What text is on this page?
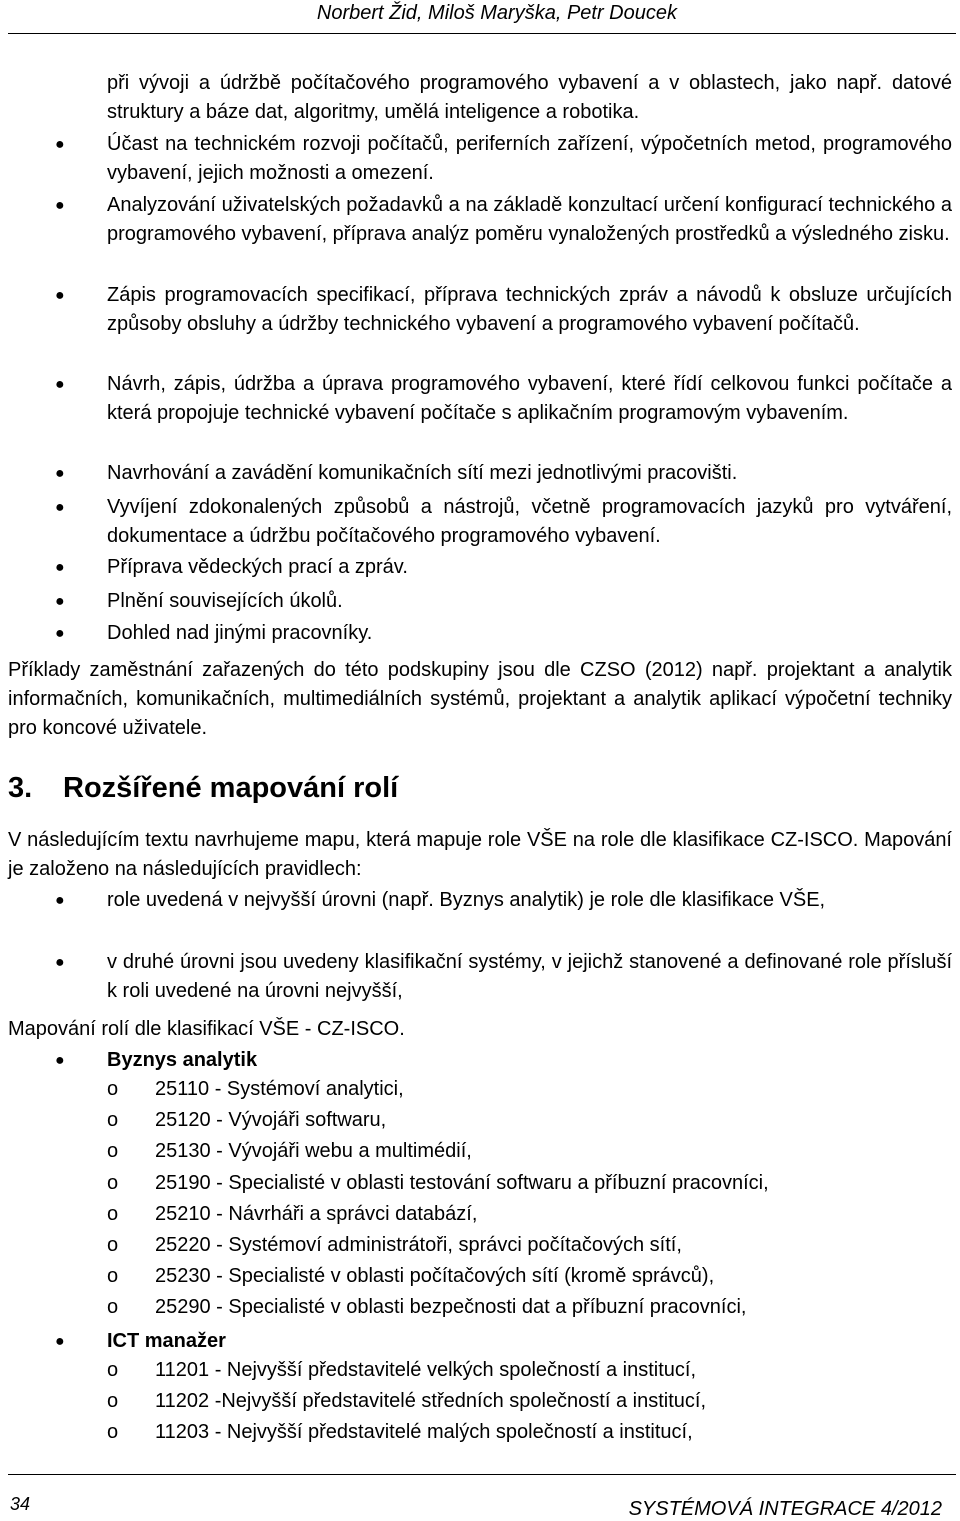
Norbert Žid, Miloš Maryška, Petr Doucek
při vývoji a údržbě počítačového programového vybavení a v oblastech, jako např. datové struktury a báze dat, algoritmy, umělá inteligence a robotika.
● Účast na technickém rozvoji počítačů, periferních zařízení, výpočetních metod, programového vybavení, jejich možnosti a omezení.
● Analyzování uživatelských požadavků a na základě konzultací určení konfigurací technického a programového vybavení, příprava analýz poměru vynaložených prostředků a výsledného zisku.
● Zápis programovacích specifikací, příprava technických zpráv a návodů k obsluze určujících způsoby obsluhy a údržby technického vybavení a programového vybavení počítačů.
● Návrh, zápis, údržba a úprava programového vybavení, které řídí celkovou funkci počítače a která propojuje technické vybavení počítače s aplikačním programovým vybavením.
● Navrhování a zavádění komunikačních sítí mezi jednotlivými pracovišti.
● Vyvíjení zdokonalených způsobů a nástrojů, včetně programovacích jazyků pro vytváření, dokumentace a údržbu počítačového programového vybavení.
● Příprava vědeckých prací a zpráv.
● Plnění souvisejících úkolů.
● Dohled nad jinými pracovníky.
Příklady zaměstnání zařazených do této podskupiny jsou dle CZSO (2012) např. projektant a analytik informačních, komunikačních, multimediálních systémů, projektant a analytik aplikací výpočetní techniky pro koncové uživatele.
3. Rozšířené mapování rolí
V následujícím textu navrhujeme mapu, která mapuje role VŠE na role dle klasifikace CZ-ISCO. Mapování je založeno na následujících pravidlech:
● role uvedená v nejvyšší úrovni (např. Byznys analytik) je role dle klasifikace VŠE,
● v druhé úrovni jsou uvedeny klasifikační systémy, v jejichž stanovené a definované role přísluší k roli uvedené na úrovni nejvyšší,
Mapování rolí dle klasifikací VŠE - CZ-ISCO.
● Byznys analytik
o 25110 - Systémoví analytici,
o 25120 - Vývojáři softwaru,
o 25130 - Vývojáři webu a multimédií,
o 25190 - Specialisté v oblasti testování softwaru a příbuzní pracovníci,
o 25210 - Návrháři a správci databází,
o 25220 - Systémoví administrátoři, správci počítačových sítí,
o 25230 - Specialisté v oblasti počítačových sítí (kromě správců),
o 25290 - Specialisté v oblasti bezpečnosti dat a příbuzní pracovníci,
● ICT manažer
o 11201 - Nejvyšší představitelé velkých společností a institucí,
o 11202 -Nejvyšší představitelé středních společností a institucí,
o 11203 - Nejvyšší představitelé malých společností a institucí,
34	SYSTÉMOVÁ INTEGRACE 4/2012
